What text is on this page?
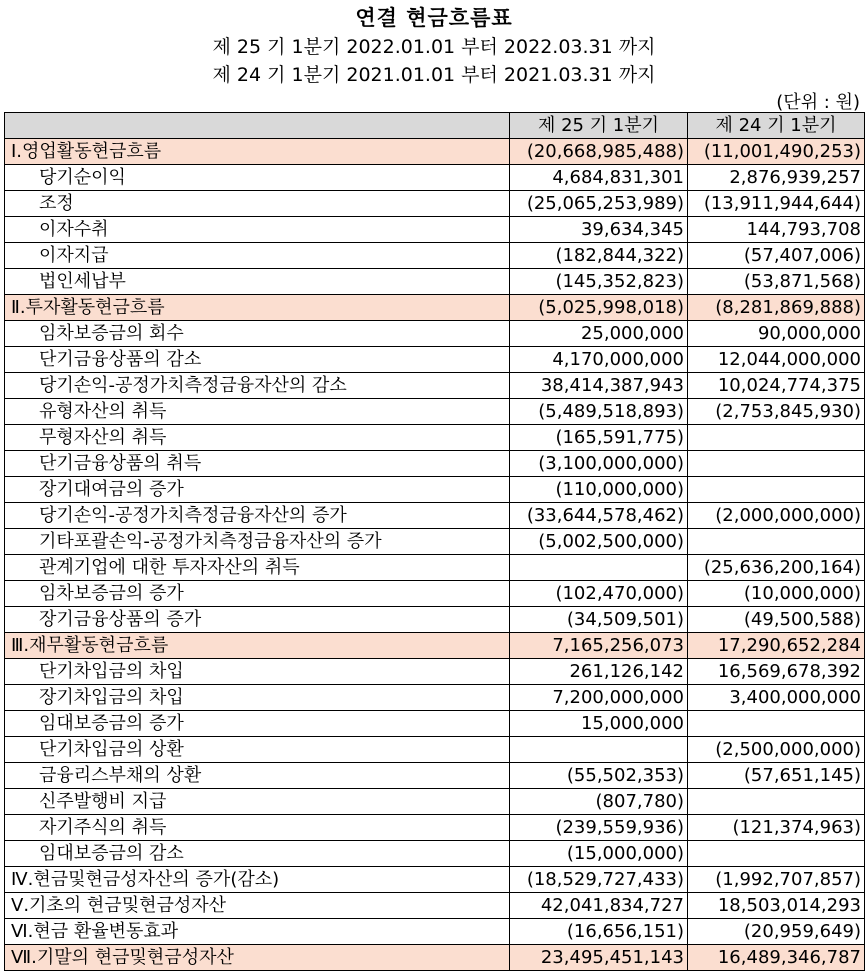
연결 현금흐름표
제 25 기 1분기 2022.01.01 부터 2022.03.31 까지
제 24 기 1분기 2021.01.01 부터 2021.03.31 까지
(단위 : 원)
	제 25 기 1분기	제 24 기 1분기
Ⅰ.영업활동현금흐름	(20,668,985,488)	(11,001,490,253)
당기순이익	4,684,831,301	2,876,939,257
조정	(25,065,253,989)	(13,911,944,644)
이자수취	39,634,345	144,793,708
이자지급	(182,844,322)	(57,407,006)
법인세납부	(145,352,823)	(53,871,568)
Ⅱ.투자활동현금흐름	(5,025,998,018)	(8,281,869,888)
임차보증금의 회수	25,000,000	90,000,000
단기금융상품의 감소	4,170,000,000	12,044,000,000
당기손익-공정가치측정금융자산의 감소	38,414,387,943	10,024,774,375
유형자산의 취득	(5,489,518,893)	(2,753,845,930)
무형자산의 취득	(165,591,775)	
단기금융상품의 취득	(3,100,000,000)	
장기대여금의 증가	(110,000,000)	
당기손익-공정가치측정금융자산의 증가	(33,644,578,462)	(2,000,000,000)
기타포괄손익-공정가치측정금융자산의 증가	(5,002,500,000)	
관계기업에 대한 투자자산의 취득		(25,636,200,164)
임차보증금의 증가	(102,470,000)	(10,000,000)
장기금융상품의 증가	(34,509,501)	(49,500,588)
Ⅲ.재무활동현금흐름	7,165,256,073	17,290,652,284
단기차입금의 차입	261,126,142	16,569,678,392
장기차입금의 차입	7,200,000,000	3,400,000,000
임대보증금의 증가	15,000,000	
단기차입금의 상환		(2,500,000,000)
금융리스부채의 상환	(55,502,353)	(57,651,145)
신주발행비 지급	(807,780)	
자기주식의 취득	(239,559,936)	(121,374,963)
임대보증금의 감소	(15,000,000)	
Ⅳ.현금및현금성자산의 증가(감소)	(18,529,727,433)	(1,992,707,857)
Ⅴ.기초의 현금및현금성자산	42,041,834,727	18,503,014,293
Ⅵ.현금 환율변동효과	(16,656,151)	(20,959,649)
Ⅶ.기말의 현금및현금성자산	23,495,451,143	16,489,346,787
